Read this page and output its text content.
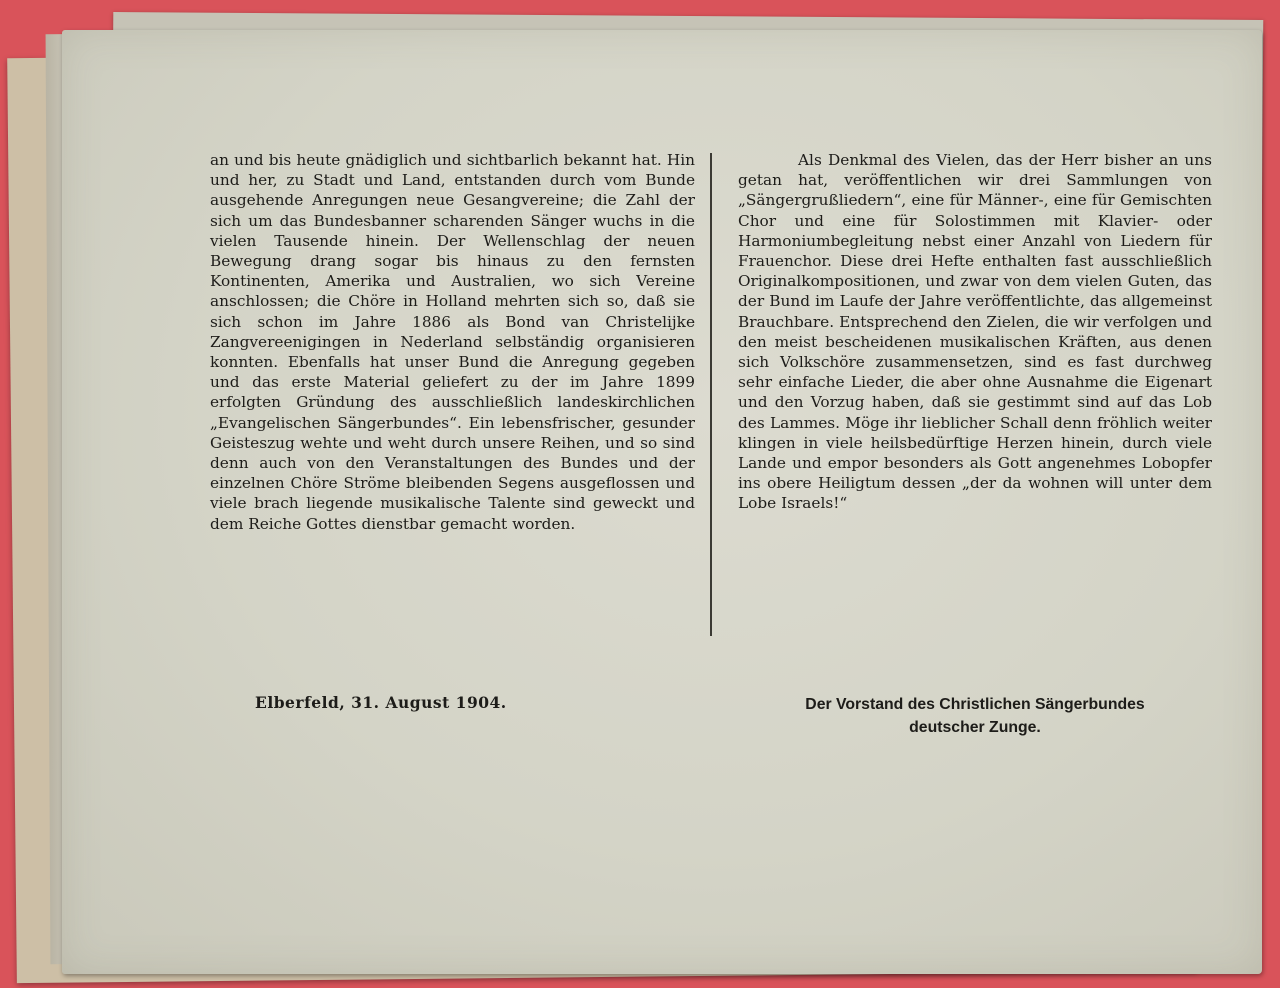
an und bis heute gnädiglich und sichtbarlich bekannt hat. Hin und her, zu Stadt und Land, entstanden durch vom Bunde ausgehende Anregungen neue Gesangvereine; die Zahl der sich um das Bundesbanner scharenden Sänger wuchs in die vielen Tausende hinein. Der Wellenschlag der neuen Bewegung drang sogar bis hinaus zu den fernsten Kontinenten, Amerika und Australien, wo sich Vereine anschlossen; die Chöre in Holland mehrten sich so, daß sie sich schon im Jahre 1886 als Bond van Christelijke Zangvereenigingen in Nederland selbständig organisieren konnten. Ebenfalls hat unser Bund die Anregung gegeben und das erste Material geliefert zu der im Jahre 1899 erfolgten Gründung des ausschließlich landeskirchlichen „Evangelischen Sängerbundes“. Ein lebensfrischer, gesunder Geisteszug wehte und weht durch unsere Reihen, und so sind denn auch von den Veranstaltungen des Bundes und der einzelnen Chöre Ströme bleibenden Segens ausgeflossen und viele brach liegende musikalische Talente sind geweckt und dem Reiche Gottes dienstbar gemacht worden.

Als Denkmal des Vielen, das der Herr bisher an uns getan hat, veröffentlichen wir drei Sammlungen von „Sängergrußliedern“, eine für Männer-, eine für Gemischten Chor und eine für Solostimmen mit Klavier- oder Harmoniumbegleitung nebst einer Anzahl von Liedern für Frauenchor. Diese drei Hefte enthalten fast ausschließlich Originalkompositionen, und zwar von dem vielen Guten, das der Bund im Laufe der Jahre veröffentlichte, das allgemeinst Brauchbare. Entsprechend den Zielen, die wir verfolgen und den meist bescheidenen musikalischen Kräften, aus denen sich Volkschöre zusammensetzen, sind es fast durchweg sehr einfache Lieder, die aber ohne Ausnahme die Eigenart und den Vorzug haben, daß sie gestimmt sind auf das Lob des Lammes. Möge ihr lieblicher Schall denn fröhlich weiter klingen in viele heilsbedürftige Herzen hinein, durch viele Lande und empor besonders als Gott angenehmes Lobopfer ins obere Heiligtum dessen „der da wohnen will unter dem Lobe Israels!“

Elberfeld, 31. August 1904.	Der Vorstand des Christlichen Sängerbundes
deutscher Zunge.
